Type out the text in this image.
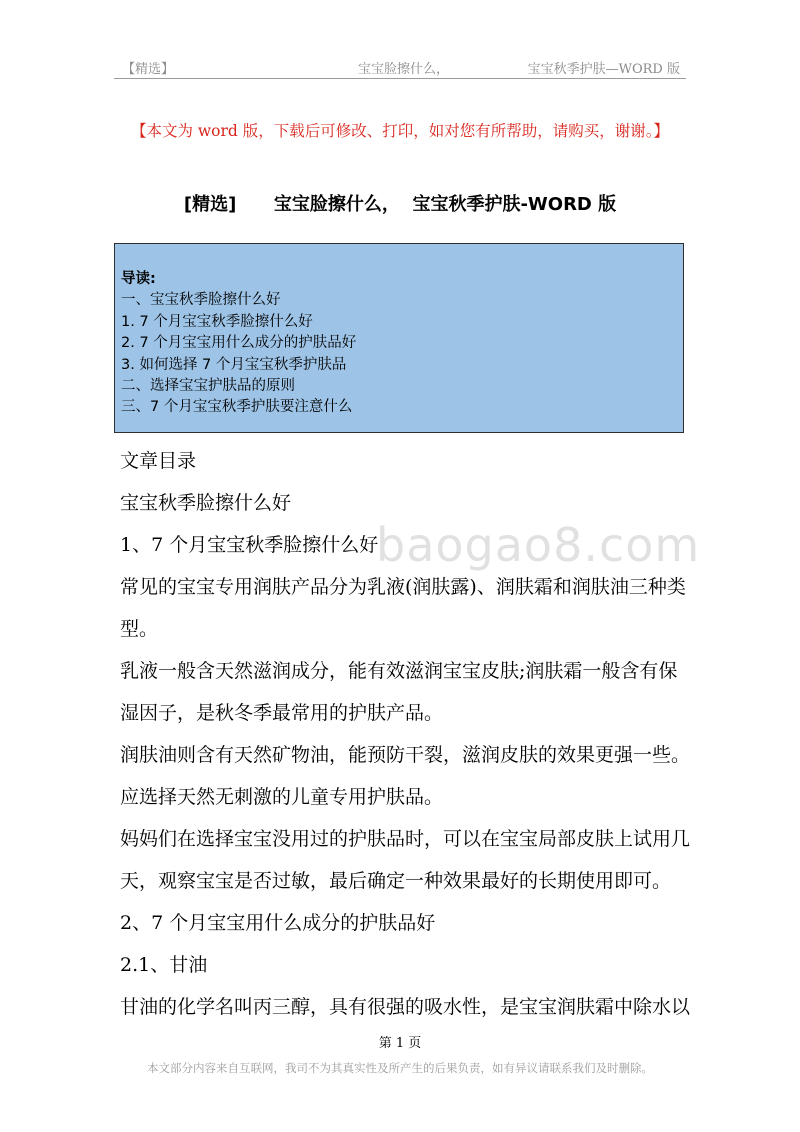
【精选】	宝宝脸擦什么，	宝宝秋季护肤—WORD 版
【本文为 word 版，下载后可修改、打印，如对您有所帮助，请购买，谢谢。】
[精选]      宝宝脸擦什么，  宝宝秋季护肤-WORD 版
导读:
一、宝宝秋季脸擦什么好
1. 7 个月宝宝秋季脸擦什么好
2. 7 个月宝宝用什么成分的护肤品好
3. 如何选择 7 个月宝宝秋季护肤品
二、选择宝宝护肤品的原则
三、7 个月宝宝秋季护肤要注意什么

文章目录

宝宝秋季脸擦什么好

1、7 个月宝宝秋季脸擦什么好

常见的宝宝专用润肤产品分为乳液(润肤露)、润肤霜和润肤油三种类型。

乳液一般含天然滋润成分，能有效滋润宝宝皮肤;润肤霜一般含有保湿因子，是秋冬季最常用的护肤产品。

润肤油则含有天然矿物油，能预防干裂，滋润皮肤的效果更强一些。

应选择天然无刺激的儿童专用护肤品。

妈妈们在选择宝宝没用过的护肤品时，可以在宝宝局部皮肤上试用几天，观察宝宝是否过敏，最后确定一种效果最好的长期使用即可。

2、7 个月宝宝用什么成分的护肤品好

2.1、甘油

甘油的化学名叫丙三醇，具有很强的吸水性，是宝宝润肤霜中除水以

baogao8.com
第 1 页
本文部分内容来自互联网，我司不为其真实性及所产生的后果负责，如有异议请联系我们及时删除。
